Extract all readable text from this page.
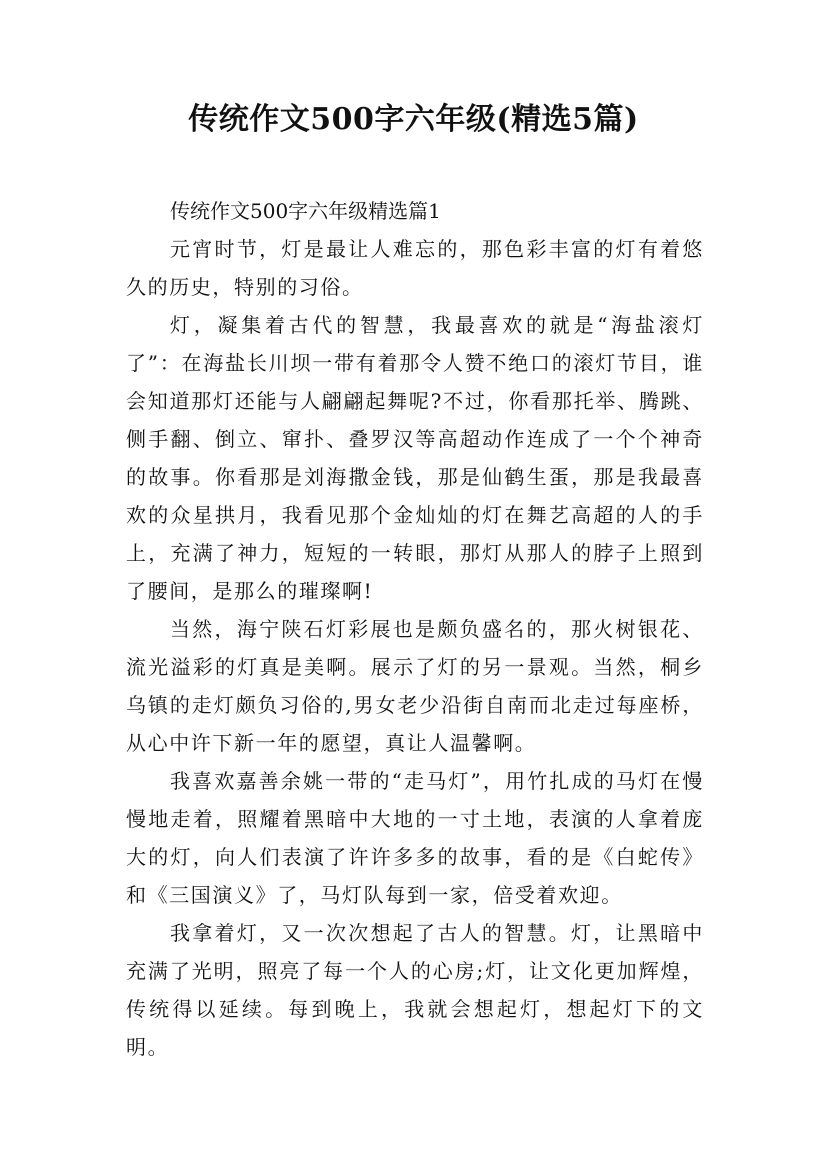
传统作文500字六年级(精选5篇)

传统作文500字六年级精选篇1

元宵时节，灯是最让人难忘的，那色彩丰富的灯有着悠久的历史，特别的习俗。

灯，凝集着古代的智慧，我最喜欢的就是“海盐滚灯了”：在海盐长川坝一带有着那令人赞不绝口的滚灯节目，谁会知道那灯还能与人翩翩起舞呢?不过，你看那托举、腾跳、侧手翻、倒立、窜扑、叠罗汉等高超动作连成了一个个神奇的故事。你看那是刘海撒金钱，那是仙鹤生蛋，那是我最喜欢的众星拱月，我看见那个金灿灿的灯在舞艺高超的人的手上，充满了神力，短短的一转眼，那灯从那人的脖子上照到了腰间，是那么的璀璨啊!

当然，海宁陕石灯彩展也是颇负盛名的，那火树银花、流光溢彩的灯真是美啊。展示了灯的另一景观。当然，桐乡乌镇的走灯颇负习俗的,男女老少沿街自南而北走过每座桥，从心中许下新一年的愿望，真让人温馨啊。

我喜欢嘉善余姚一带的“走马灯”，用竹扎成的马灯在慢慢地走着，照耀着黑暗中大地的一寸土地，表演的人拿着庞大的灯，向人们表演了许许多多的故事，看的是《白蛇传》和《三国演义》了，马灯队每到一家，倍受着欢迎。

我拿着灯，又一次次想起了古人的智慧。灯，让黑暗中充满了光明，照亮了每一个人的心房;灯，让文化更加辉煌，传统得以延续。每到晚上，我就会想起灯，想起灯下的文明。
